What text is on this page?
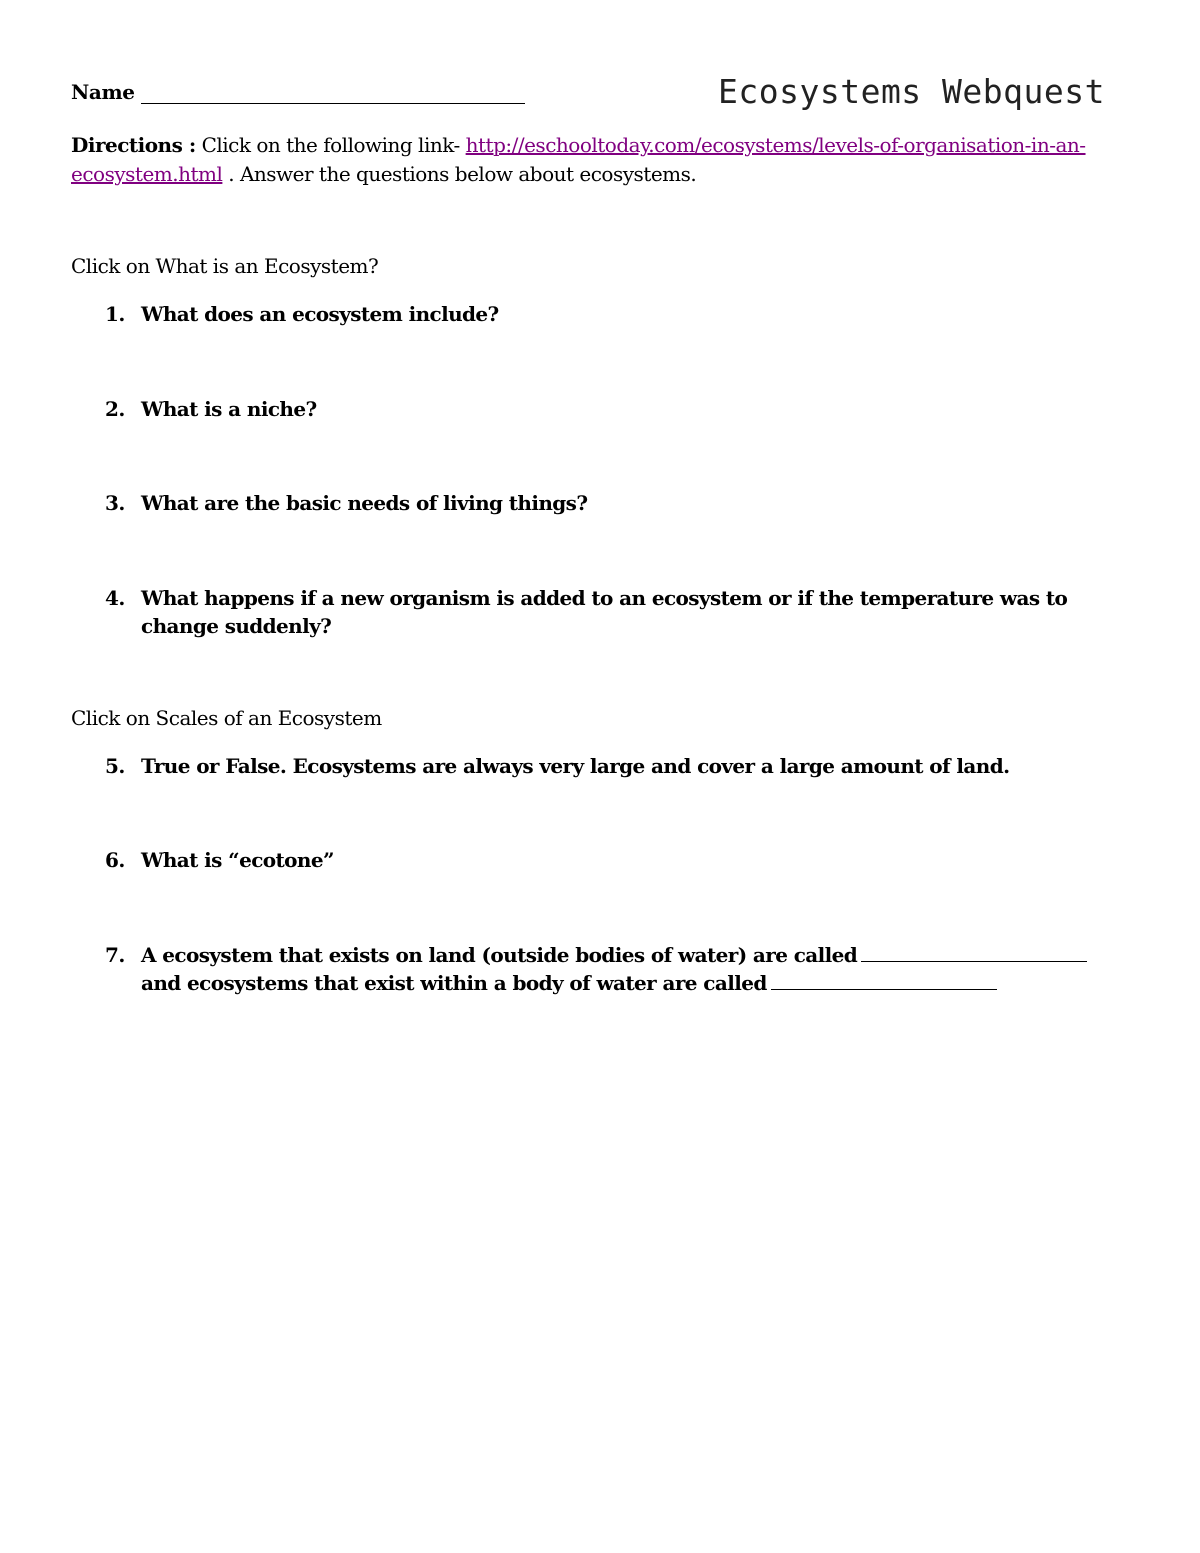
Name	Ecosystems Webquest
Directions : Click on the following link- http://eschooltoday.com/ecosystems/levels-of-organisation-in-an-ecosystem.html . Answer the questions below about ecosystems.
Click on What is an Ecosystem?
1. What does an ecosystem include?
2. What is a niche?
3. What are the basic needs of living things?
4. What happens if a new organism is added to an ecosystem or if the temperature was to change suddenly?
Click on Scales of an Ecosystem
5. True or False. Ecosystems are always very large and cover a large amount of land.
6. What is “ecotone”
7. A ecosystem that exists on land (outside bodies of water) are calledand ecosystems that exist within a body of water are called
